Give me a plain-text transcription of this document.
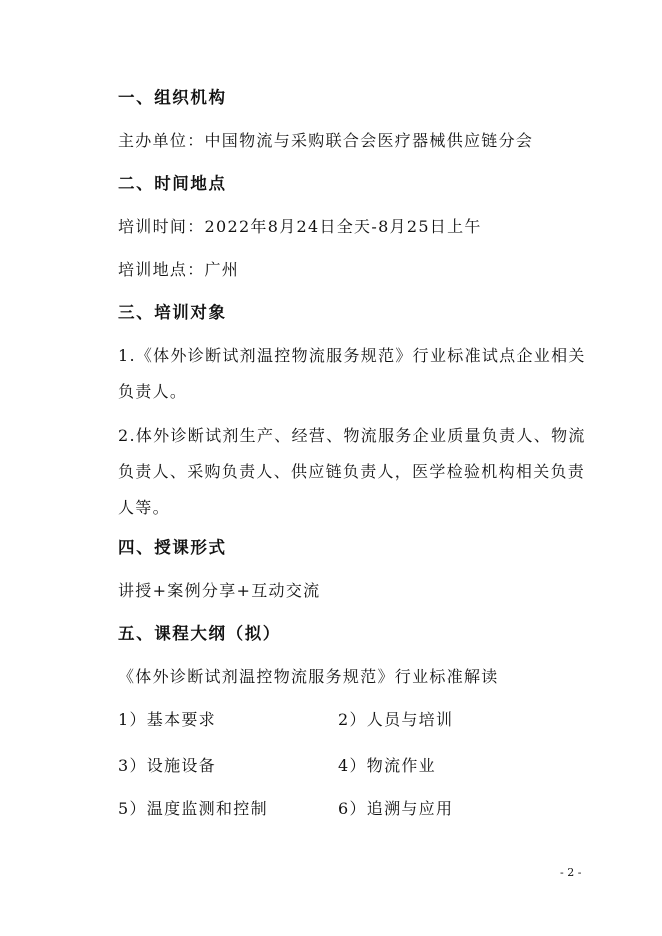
一、组织机构
主办单位：中国物流与采购联合会医疗器械供应链分会
二、时间地点
培训时间：2022年8月24日全天-8月25日上午
培训地点：广州
三、培训对象
1.《体外诊断试剂温控物流服务规范》行业标准试点企业相关负责人。
2.体外诊断试剂生产、经营、物流服务企业质量负责人、物流负责人、采购负责人、供应链负责人，医学检验机构相关负责人等。
四、授课形式
讲授+案例分享+互动交流
五、课程大纲（拟）
《体外诊断试剂温控物流服务规范》行业标准解读
1）基本要求	2）人员与培训
3）设施设备	4）物流作业
5）温度监测和控制	6）追溯与应用
- 2 -
